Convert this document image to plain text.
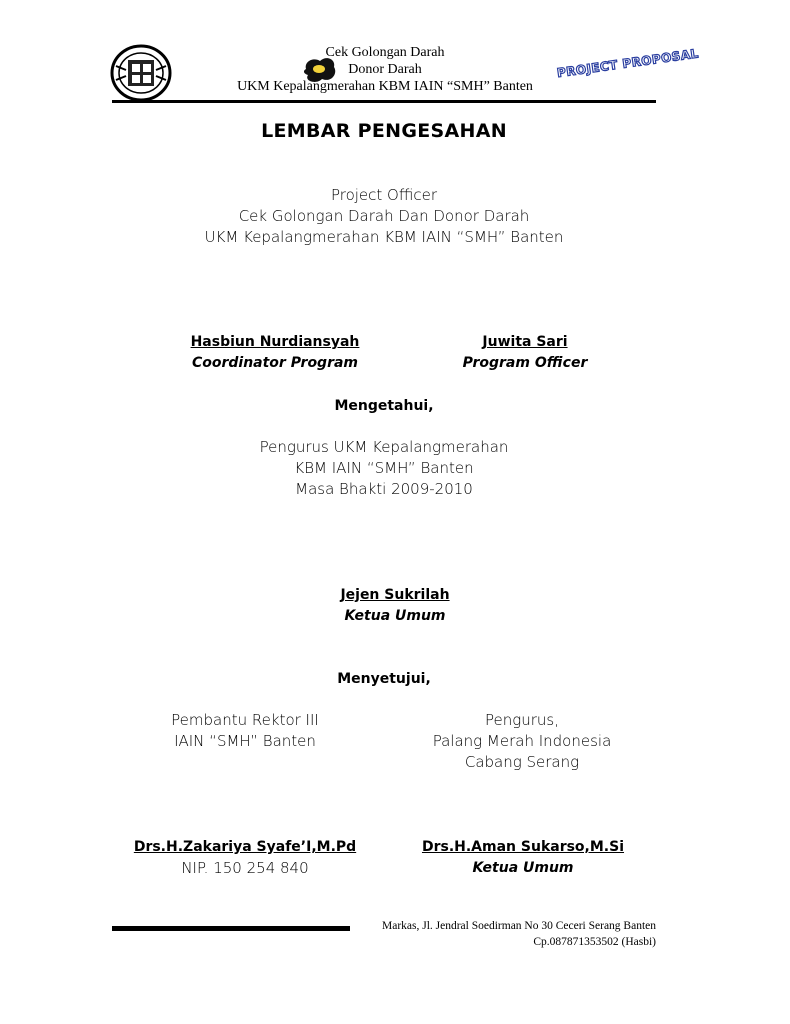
Cek Golongan Darah
Donor Darah
UKM Kepalangmerahan KBM IAIN “SMH” Banten
PROJECT PROPOSAL
LEMBAR PENGESAHAN
Project Officer
Cek Golongan Darah Dan Donor Darah
UKM Kepalangmerahan KBM IAIN “SMH” Banten
Hasbiun Nurdiansyah
Coordinator Program
Juwita Sari
Program Officer
Mengetahui,
Pengurus UKM Kepalangmerahan
KBM IAIN “SMH” Banten
Masa Bhakti 2009-2010
Jejen Sukrilah
Ketua Umum
Menyetujui,
Pembantu Rektor III
IAIN “SMH” Banten
Pengurus,
Palang Merah Indonesia
Cabang Serang
Drs.H.Zakariya Syafe’I,M.Pd
NIP. 150 254 840
Drs.H.Aman Sukarso,M.Si
Ketua Umum
Markas, Jl. Jendral Soedirman No 30 Ceceri Serang Banten
Cp.087871353502 (Hasbi)
